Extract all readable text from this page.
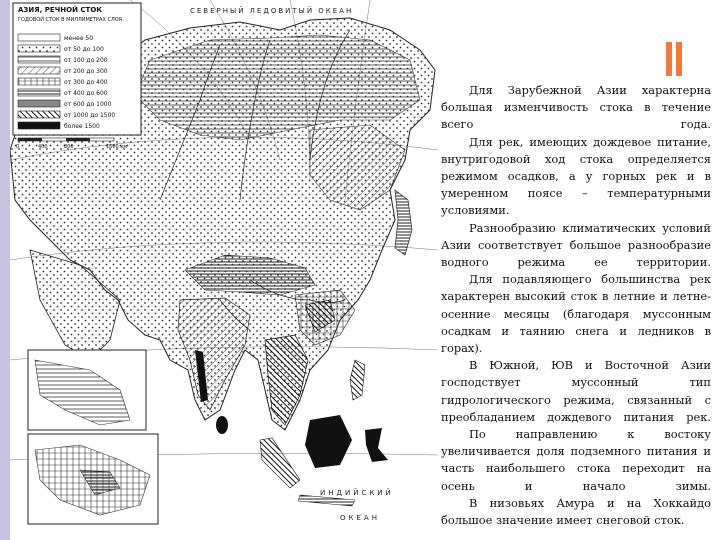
СЕВЕРНЫЙ ЛЕДОВИТЫЙ ОКЕАН
ИНДИЙСКИЙ
ОКЕАН
АЗИЯ, РЕЧНОЙ СТОК
ГОДОВОЙ СТОК В МИЛЛИМЕТРАХ СЛОЯ
менее 50
от 50 до 100
от 100 до 200
от 200 до 300
от 300 до 400
от 400 до 600
от 600 до 1000
от 1000 до 1500
более 1500
0	400	800	1600 км

Для Зарубежной Азии характерна большая изменчивость стока в течение всего года.

Для рек, имеющих дождевое питание, внутригодовой ход стока определяется режимом осадков, а у горных рек и в умеренном поясе – температурными условиями.

Разнообразию климатических условий Азии соответствует большое разнообразие водного режима ее территории.

Для подавляющего большинства рек характерен высокий сток в летние и летне-осенние месяцы (благодаря муссонным осадкам и таянию снега и ледников в горах).

В Южной, ЮВ и Восточной Азии господствует муссонный тип гидрологического режима, связанный с преобладанием дождевого питания рек.

По направлению к востоку увеличивается доля подземного питания и часть наибольшего стока переходит на осень и начало зимы.

В низовьях Амура и на Хоккайдо большое значение имеет снеговой сток.
